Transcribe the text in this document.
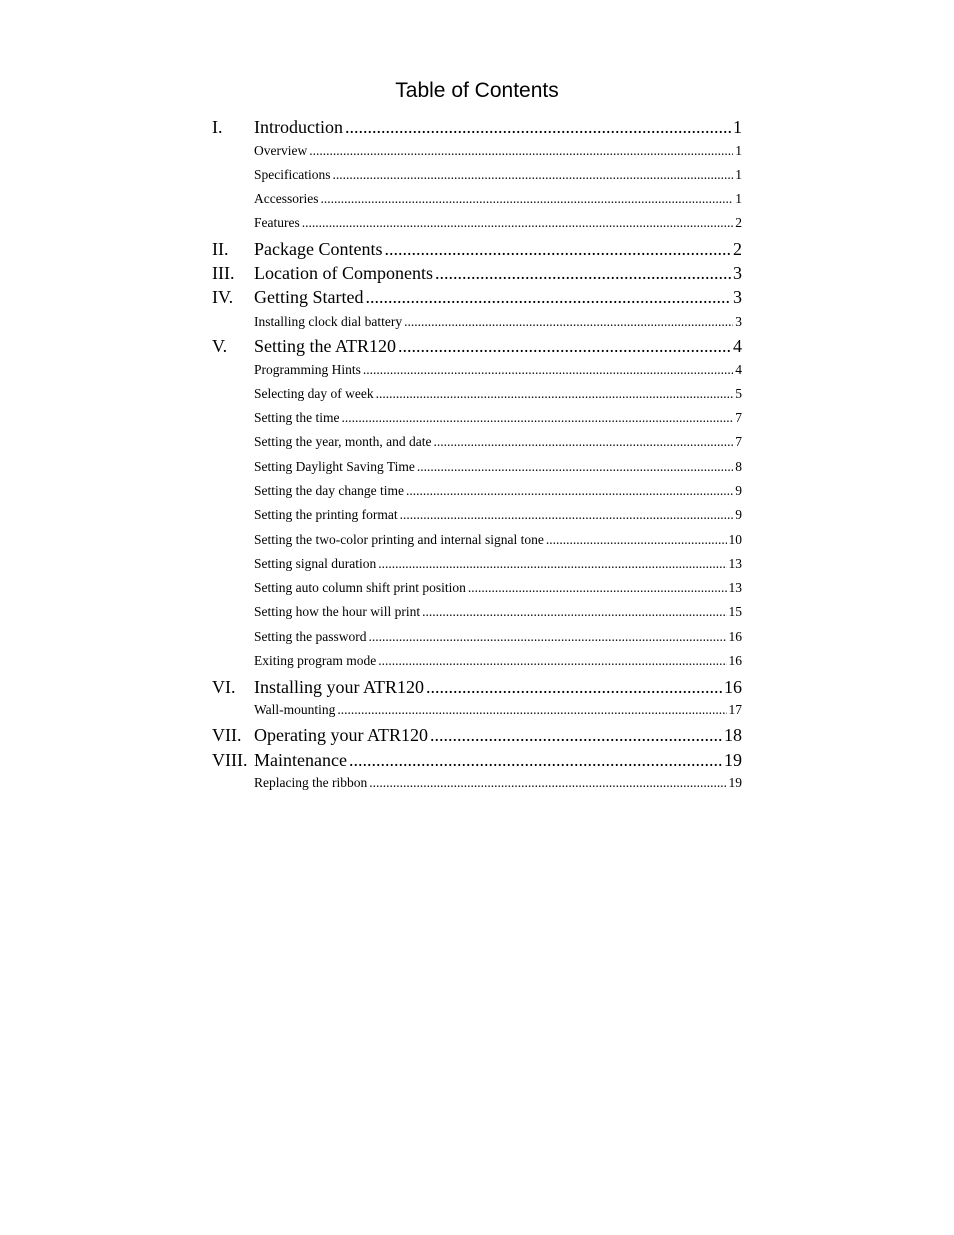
Table of Contents
I.	Introduction .....	1
Overview .....	1
Specifications .....	1
Accessories .....	1
Features .....	2
II.	Package Contents .....	2
III.	Location of Components .....	3
IV.	Getting Started .....	3
Installing clock dial battery .....	3
V.	Setting the ATR120 .....	4
Programming Hints .....	4
Selecting day of week .....	5
Setting the time .....	7
Setting the year, month, and date .....	7
Setting Daylight Saving Time .....	8
Setting the day change time .....	9
Setting the printing format .....	9
Setting the two-color printing and internal signal tone .....	10
Setting signal duration .....	13
Setting auto column shift print position .....	13
Setting how the hour will print .....	15
Setting the password .....	16
Exiting program mode .....	16
VI.	Installing your ATR120 .....	16
Wall-mounting .....	17
VII. Operating your ATR120 .....	18
VIII. Maintenance .....	19
Replacing the ribbon .....	19
